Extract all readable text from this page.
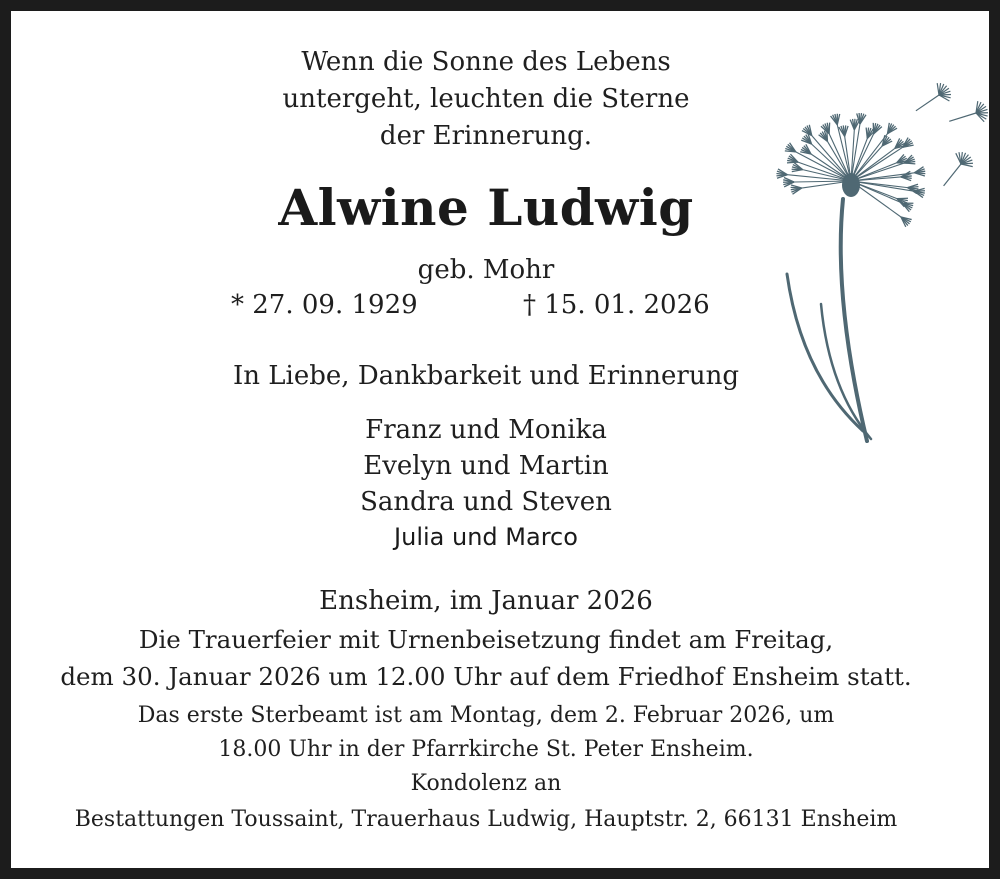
Wenn die Sonne des Lebens
untergeht, leuchten die Sterne
der Erinnerung.
Alwine Ludwig
geb. Mohr
* 27. 09. 1929	† 15. 01. 2026
In Liebe, Dankbarkeit und Erinnerung
Franz und Monika
Evelyn und Martin
Sandra und Steven
Julia und Marco
Ensheim, im Januar 2026
Die Trauerfeier mit Urnenbeisetzung findet am Freitag,
dem 30. Januar 2026 um 12.00 Uhr auf dem Friedhof Ensheim statt.
Das erste Sterbeamt ist am Montag, dem 2. Februar 2026, um
18.00 Uhr in der Pfarrkirche St. Peter Ensheim.
Kondolenz an
Bestattungen Toussaint, Trauerhaus Ludwig, Hauptstr. 2, 66131 Ensheim
